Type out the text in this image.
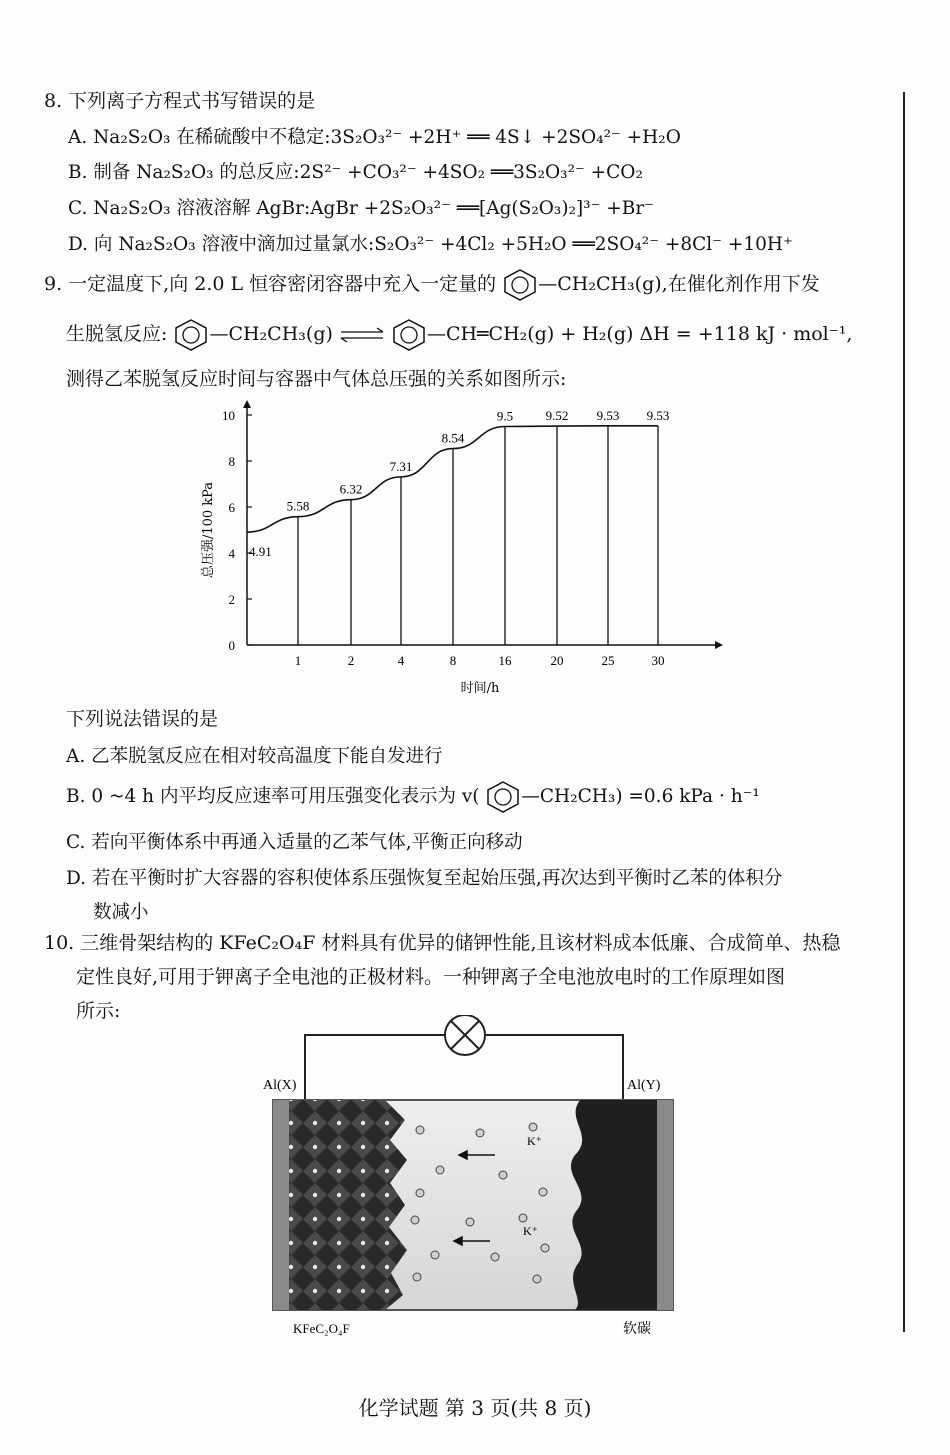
8. 下列离子方程式书写错误的是
A. Na₂S₂O₃ 在稀硫酸中不稳定:3S₂O₃²⁻ +2H⁺ ══ 4S↓ +2SO₄²⁻ +H₂O
B. 制备 Na₂S₂O₃ 的总反应:2S²⁻ +CO₃²⁻ +4SO₂ ══3S₂O₃²⁻ +CO₂
C. Na₂S₂O₃ 溶液溶解 AgBr:AgBr +2S₂O₃²⁻ ══[Ag(S₂O₃)₂]³⁻ +Br⁻
D. 向 Na₂S₂O₃ 溶液中滴加过量氯水:S₂O₃²⁻ +4Cl₂ +5H₂O ══2SO₄²⁻ +8Cl⁻ +10H⁺
9. 一定温度下,向 2.0 L 恒容密闭容器中充入一定量的 —CH₂CH₃(g),在催化剂作用下发
生脱氢反应: —CH₂CH₃(g) ⇌ —CH═CH₂(g) + H₂(g) ΔH = +118 kJ · mol⁻¹,
测得乙苯脱氢反应时间与容器中气体总压强的关系如图所示:
0
2
4
6
8
10
总压强/100 kPa
时间/h
4.91
1
5.58
2
6.32
4
7.31
8
8.54
16
9.5
20
9.52
25
9.53
30
9.53
下列说法错误的是
A. 乙苯脱氢反应在相对较高温度下能自发进行
B. 0 ~4 h 内平均反应速率可用压强变化表示为 v( —CH₂CH₃) =0.6 kPa · h⁻¹
C. 若向平衡体系中再通入适量的乙苯气体,平衡正向移动
D. 若在平衡时扩大容器的容积使体系压强恢复至起始压强,再次达到平衡时乙苯的体积分
数减小
10. 三维骨架结构的 KFeC₂O₄F 材料具有优异的储钾性能,且该材料成本低廉、合成简单、热稳
定性良好,可用于钾离子全电池的正极材料。一种钾离子全电池放电时的工作原理如图
所示:
Al(X)	Al(Y)
K⁺
K⁺
KFeC₂O₄F	软碳
化学试题 第 3 页(共 8 页)
